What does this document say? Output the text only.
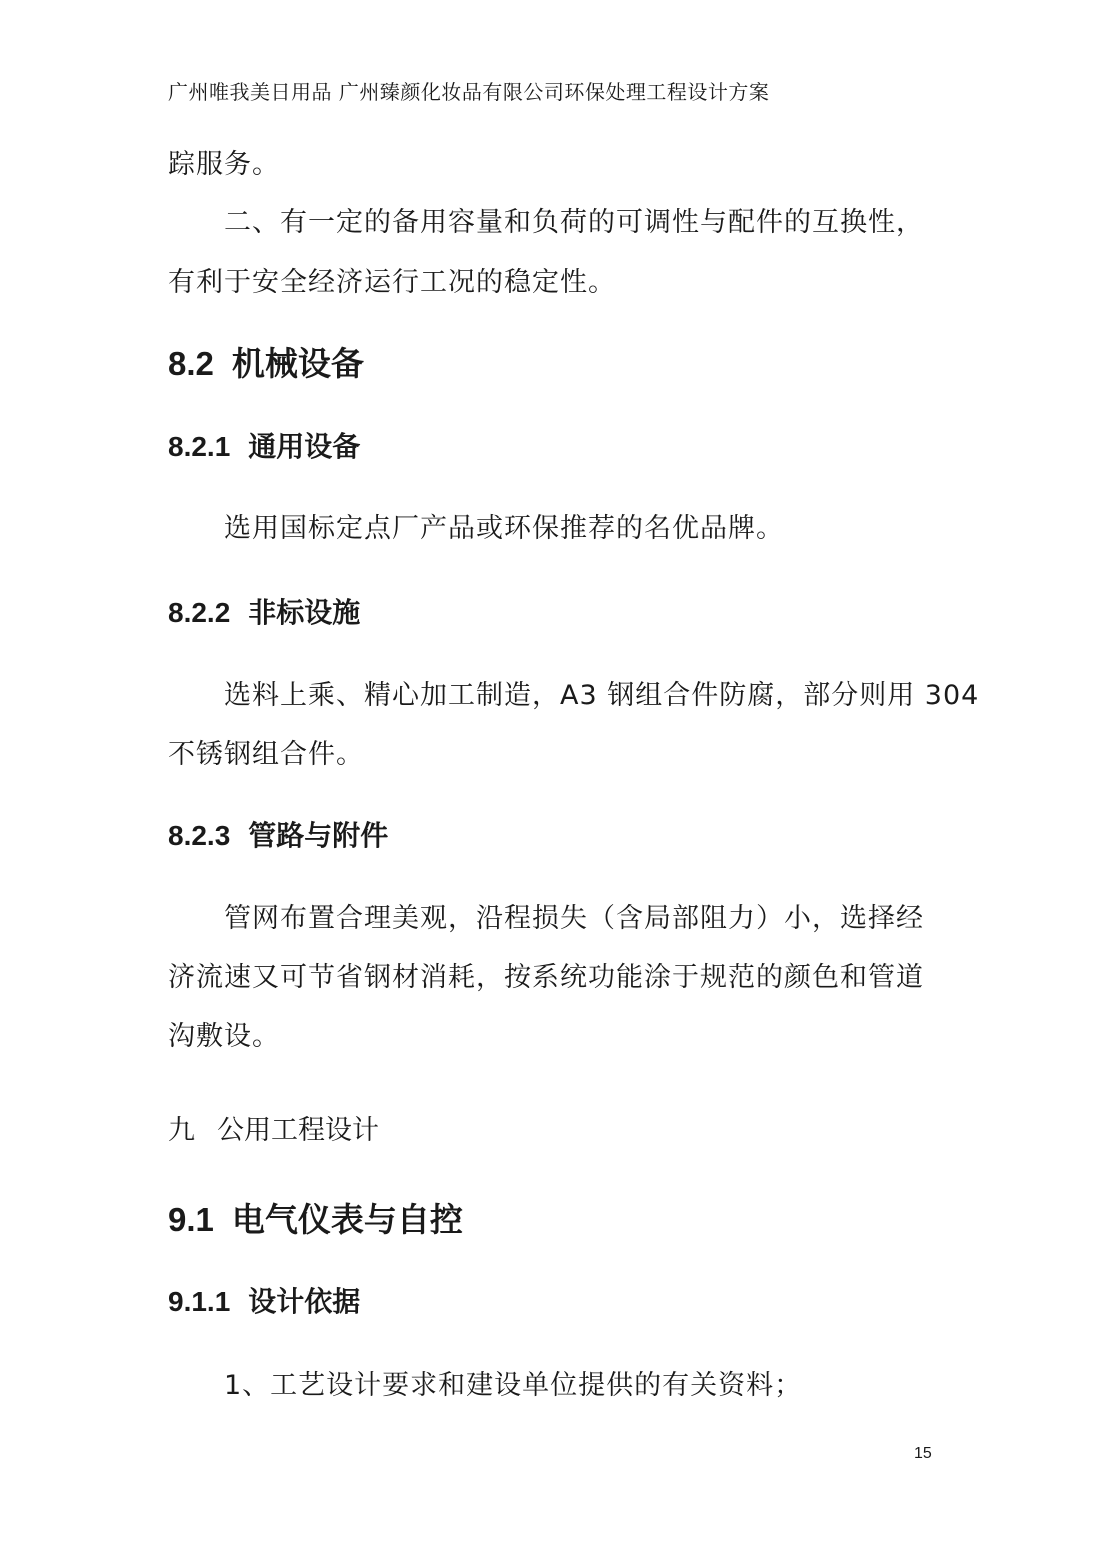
广州唯我美日用品 广州臻颜化妆品有限公司环保处理工程设计方案
踪服务。
二、有一定的备用容量和负荷的可调性与配件的互换性，
有利于安全经济运行工况的稳定性。
8.2 机械设备
8.2.1 通用设备
选用国标定点厂产品或环保推荐的名优品牌。
8.2.2 非标设施
选料上乘、精心加工制造，A3 钢组合件防腐，部分则用 304
不锈钢组合件。
8.2.3 管路与附件
管网布置合理美观，沿程损失（含局部阻力）小，选择经
济流速又可节省钢材消耗，按系统功能涂于规范的颜色和管道
沟敷设。
九 公用工程设计
9.1 电气仪表与自控
9.1.1 设计依据
1、工艺设计要求和建设单位提供的有关资料；
15
